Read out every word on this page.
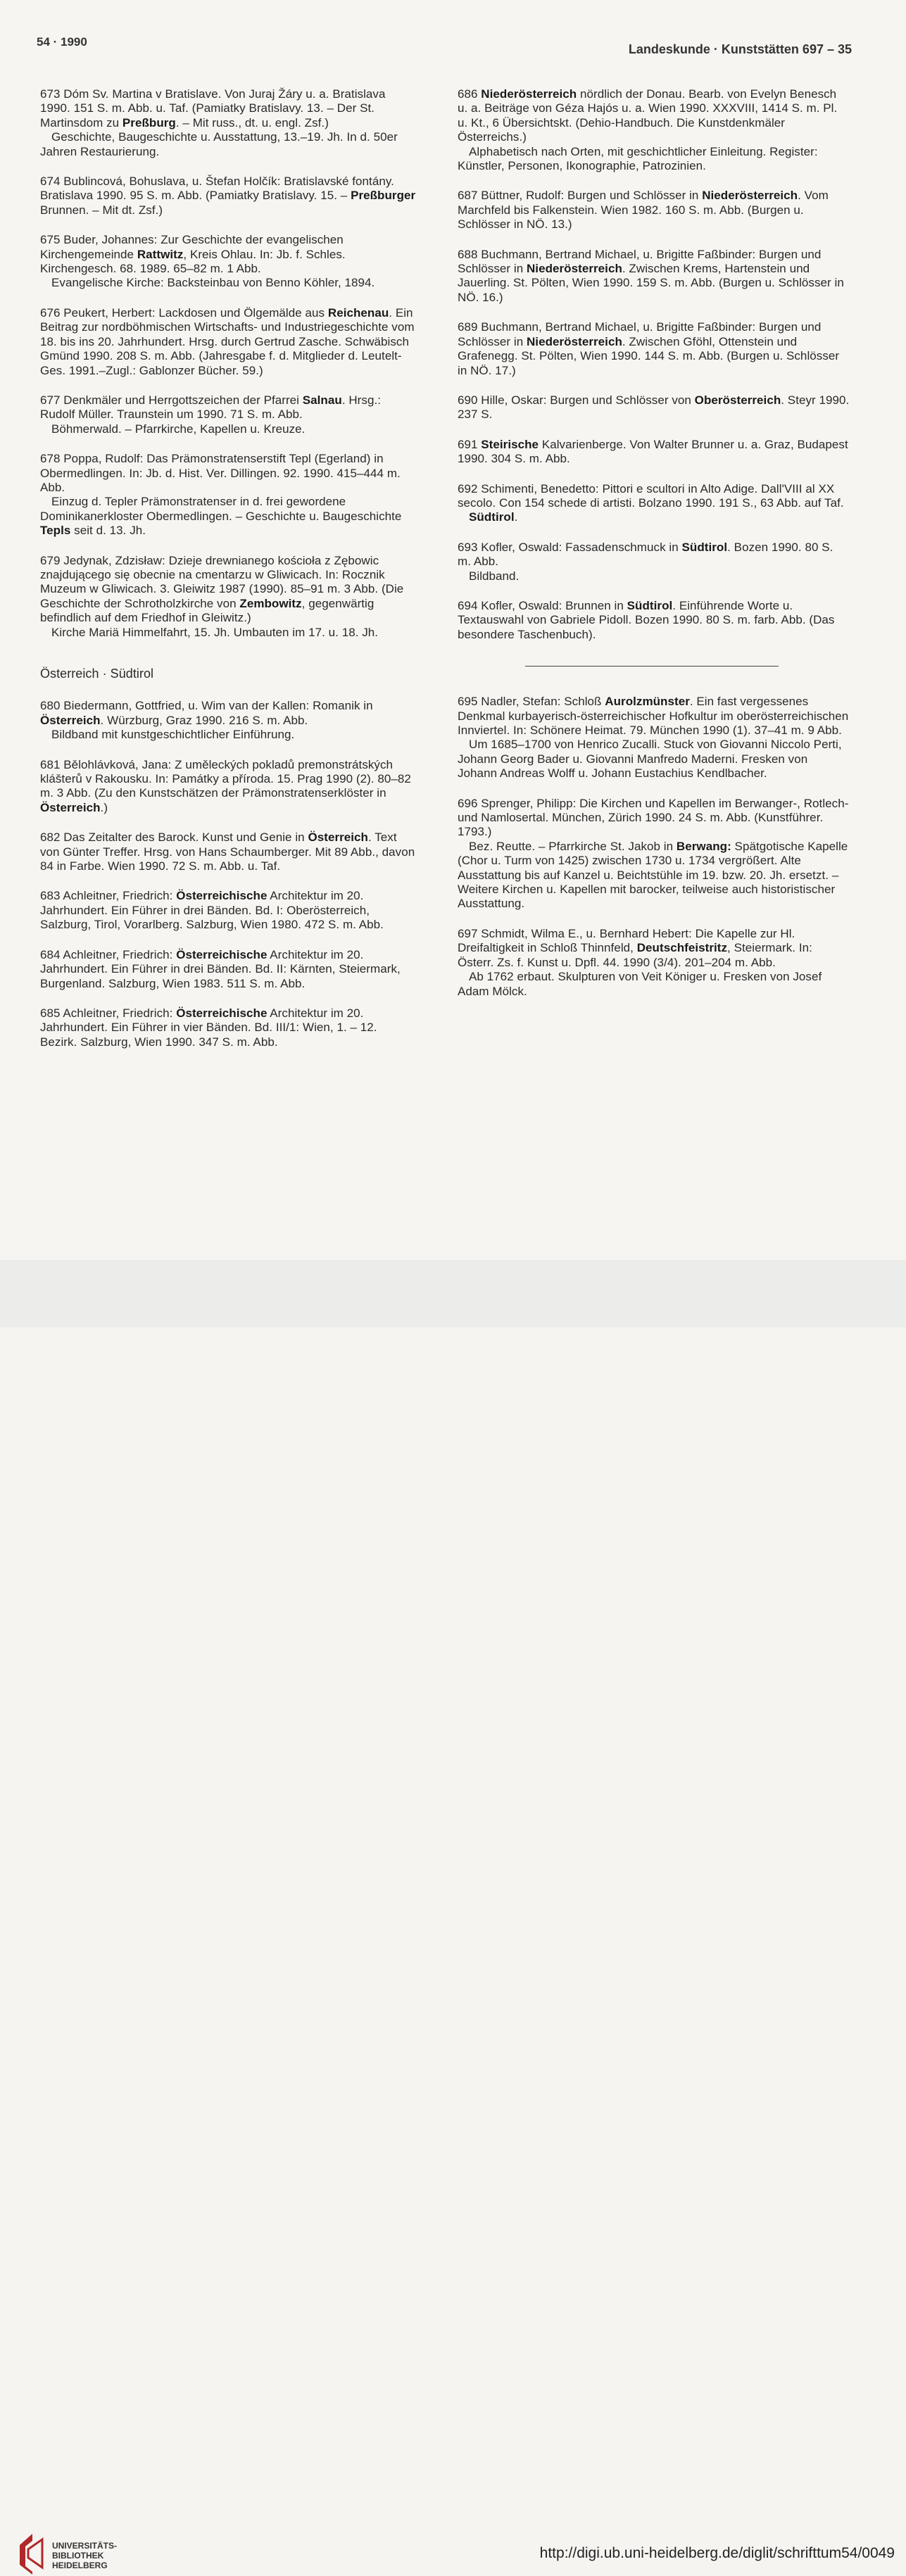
54 · 1990
Landeskunde · Kunststätten 697 – 35

673 Dóm Sv. Martina v Bratislave. Von Juraj Žáry u. a. Bratislava 1990. 151 S. m. Abb. u. Taf. (Pamiatky Bratislavy. 13. – Der St. Martinsdom zu Preßburg. – Mit russ., dt. u. engl. Zsf.)

Geschichte, Baugeschichte u. Ausstattung, 13.–19. Jh. In d. 50er Jahren Restaurierung.

674 Bublincová, Bohuslava, u. Štefan Holčík: Bratislavské fontány. Bratislava 1990. 95 S. m. Abb. (Pamiatky Bratislavy. 15. – Preßburger Brunnen. – Mit dt. Zsf.)

675 Buder, Johannes: Zur Geschichte der evangelischen Kirchengemeinde Rattwitz, Kreis Ohlau. In: Jb. f. Schles. Kirchengesch. 68. 1989. 65–82 m. 1 Abb.

Evangelische Kirche: Backsteinbau von Benno Köhler, 1894.

676 Peukert, Herbert: Lackdosen und Ölgemälde aus Reichenau. Ein Beitrag zur nordböhmischen Wirtschafts- und Industriegeschichte vom 18. bis ins 20. Jahrhundert. Hrsg. durch Gertrud Zasche. Schwäbisch Gmünd 1990. 208 S. m. Abb. (Jahresgabe f. d. Mitglieder d. Leutelt-Ges. 1991.–Zugl.: Gablonzer Bücher. 59.)

677 Denkmäler und Herrgottszeichen der Pfarrei Salnau. Hrsg.: Rudolf Müller. Traunstein um 1990. 71 S. m. Abb.

Böhmerwald. – Pfarrkirche, Kapellen u. Kreuze.

678 Poppa, Rudolf: Das Prämonstratenserstift Tepl (Egerland) in Obermedlingen. In: Jb. d. Hist. Ver. Dillingen. 92. 1990. 415–444 m. Abb.

Einzug d. Tepler Prämonstratenser in d. frei gewordene Dominikanerkloster Obermedlingen. – Geschichte u. Baugeschichte Tepls seit d. 13. Jh.

679 Jedynak, Zdzisław: Dzieje drewnianego kościoła z Zębowic znajdującego się obecnie na cmentarzu w Gliwicach. In: Rocznik Muzeum w Gliwicach. 3. Gleiwitz 1987 (1990). 85–91 m. 3 Abb. (Die Geschichte der Schrotholzkirche von Zembowitz, gegenwärtig befindlich auf dem Friedhof in Gleiwitz.)

Kirche Mariä Himmelfahrt, 15. Jh. Umbauten im 17. u. 18. Jh.

Österreich · Südtirol

680 Biedermann, Gottfried, u. Wim van der Kallen: Romanik in Österreich. Würzburg, Graz 1990. 216 S. m. Abb.

Bildband mit kunstgeschichtlicher Einführung.

681 Bělohlávková, Jana: Z uměleckých pokladů premonstrátských klášterů v Rakousku. In: Památky a příroda. 15. Prag 1990 (2). 80–82 m. 3 Abb. (Zu den Kunstschätzen der Prämonstratenserklöster in Österreich.)

682 Das Zeitalter des Barock. Kunst und Genie in Österreich. Text von Günter Treffer. Hrsg. von Hans Schaumberger. Mit 89 Abb., davon 84 in Farbe. Wien 1990. 72 S. m. Abb. u. Taf.

683 Achleitner, Friedrich: Österreichische Architektur im 20. Jahrhundert. Ein Führer in drei Bänden. Bd. I: Oberösterreich, Salzburg, Tirol, Vorarlberg. Salzburg, Wien 1980. 472 S. m. Abb.

684 Achleitner, Friedrich: Österreichische Architektur im 20. Jahrhundert. Ein Führer in drei Bänden. Bd. II: Kärnten, Steiermark, Burgenland. Salzburg, Wien 1983. 511 S. m. Abb.

685 Achleitner, Friedrich: Österreichische Architektur im 20. Jahrhundert. Ein Führer in vier Bänden. Bd. III/1: Wien, 1. – 12. Bezirk. Salzburg, Wien 1990. 347 S. m. Abb.

686 Niederösterreich nördlich der Donau. Bearb. von Evelyn Benesch u. a. Beiträge von Géza Hajós u. a. Wien 1990. XXXVIII, 1414 S. m. Pl. u. Kt., 6 Übersichtskt. (Dehio-Handbuch. Die Kunstdenkmäler Österreichs.)

Alphabetisch nach Orten, mit geschichtlicher Einleitung. Register: Künstler, Personen, Ikonographie, Patrozinien.

687 Büttner, Rudolf: Burgen und Schlösser in Niederösterreich. Vom Marchfeld bis Falkenstein. Wien 1982. 160 S. m. Abb. (Burgen u. Schlösser in NÖ. 13.)

688 Buchmann, Bertrand Michael, u. Brigitte Faßbinder: Burgen und Schlösser in Niederösterreich. Zwischen Krems, Hartenstein und Jauerling. St. Pölten, Wien 1990. 159 S. m. Abb. (Burgen u. Schlösser in NÖ. 16.)

689 Buchmann, Bertrand Michael, u. Brigitte Faßbinder: Burgen und Schlösser in Niederösterreich. Zwischen Gföhl, Ottenstein und Grafenegg. St. Pölten, Wien 1990. 144 S. m. Abb. (Burgen u. Schlösser in NÖ. 17.)

690 Hille, Oskar: Burgen und Schlösser von Oberösterreich. Steyr 1990. 237 S.

691 Steirische Kalvarienberge. Von Walter Brunner u. a. Graz, Budapest 1990. 304 S. m. Abb.

692 Schimenti, Benedetto: Pittori e scultori in Alto Adige. Dall'VIII al XX secolo. Con 154 schede di artisti. Bolzano 1990. 191 S., 63 Abb. auf Taf.

Südtirol.

693 Kofler, Oswald: Fassadenschmuck in Südtirol. Bozen 1990. 80 S. m. Abb.

Bildband.

694 Kofler, Oswald: Brunnen in Südtirol. Einführende Worte u. Textauswahl von Gabriele Pidoll. Bozen 1990. 80 S. m. farb. Abb. (Das besondere Taschenbuch).

695 Nadler, Stefan: Schloß Aurolzmünster. Ein fast vergessenes Denkmal kurbayerisch-österreichischer Hofkultur im oberösterreichischen Innviertel. In: Schönere Heimat. 79. München 1990 (1). 37–41 m. 9 Abb.

Um 1685–1700 von Henrico Zucalli. Stuck von Giovanni Niccolo Perti, Johann Georg Bader u. Giovanni Manfredo Maderni. Fresken von Johann Andreas Wolff u. Johann Eustachius Kendlbacher.

696 Sprenger, Philipp: Die Kirchen und Kapellen im Berwanger-, Rotlech- und Namlosertal. München, Zürich 1990. 24 S. m. Abb. (Kunstführer. 1793.)

Bez. Reutte. – Pfarrkirche St. Jakob in Berwang: Spätgotische Kapelle (Chor u. Turm von 1425) zwischen 1730 u. 1734 vergrößert. Alte Ausstattung bis auf Kanzel u. Beichtstühle im 19. bzw. 20. Jh. ersetzt. – Weitere Kirchen u. Kapellen mit barocker, teilweise auch historistischer Ausstattung.

697 Schmidt, Wilma E., u. Bernhard Hebert: Die Kapelle zur Hl. Dreifaltigkeit in Schloß Thinnfeld, Deutschfeistritz, Steiermark. In: Österr. Zs. f. Kunst u. Dpfl. 44. 1990 (3/4). 201–204 m. Abb.

Ab 1762 erbaut. Skulpturen von Veit Königer u. Fresken von Josef Adam Mölck.

UNIVERSITÄTS-
BIBLIOTHEK
HEIDELBERG
http://digi.ub.uni-heidelberg.de/diglit/schrifttum54/0049
